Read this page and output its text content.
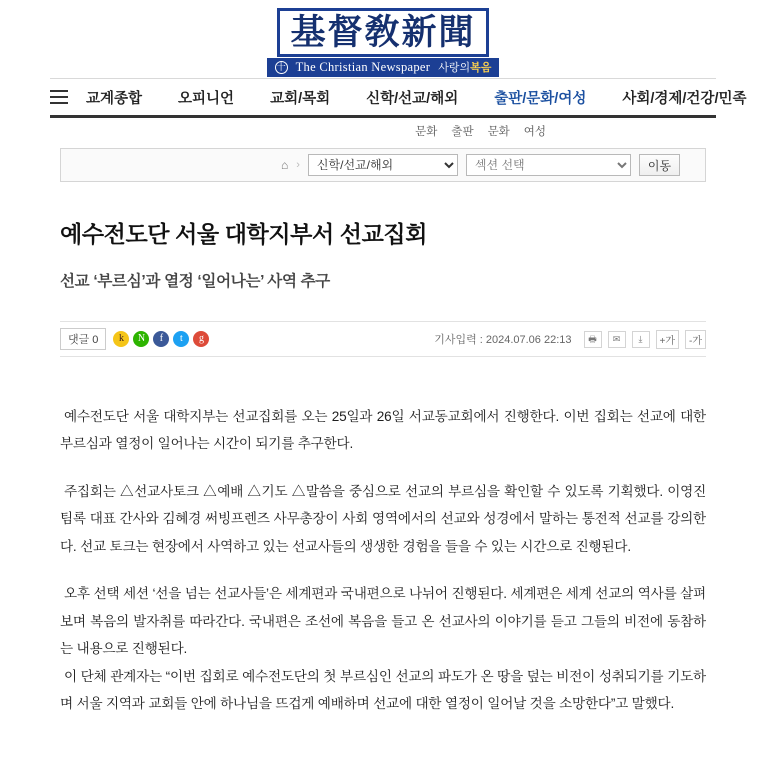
基督敎新聞
十 The Christian Newspaper 사랑의복음
교계종합	오피니언	교회/목회	신학/선교/해외	출판/문화/여성	사회/경제/건강/민족
문화 출판 문화 여성
⌂ ›
신학/선교/해외
섹션 선택	이동
예수전도단 서울 대학지부서 선교집회
선교 ‘부르심’과 열정 ‘일어나는’ 사역 추구
댓글 0	k	N	f	t	g	기사입력 : 2024.07.06 22:13	🖶	✉	⤓	+가	-가

예수전도단 서울 대학지부는 선교집회를 오는 25일과 26일 서교동교회에서 진행한다. 이번 집회는 선교에 대한 부르심과 열정이 일어나는 시간이 되기를 추구한다.

주집회는 △선교사토크 △예배 △기도 △말씀을 중심으로 선교의 부르심을 확인할 수 있도록 기획했다. 이영진 팀록 대표 간사와 김혜경 써빙프렌즈 사무총장이 사회 영역에서의 선교와 성경에서 말하는 통전적 선교를 강의한다. 선교 토크는 현장에서 사역하고 있는 선교사들의 생생한 경험을 들을 수 있는 시간으로 진행된다.

오후 선택 세션 ‘선을 넘는 선교사들’은 세계편과 국내편으로 나뉘어 진행된다. 세계편은 세계 선교의 역사를 살펴보며 복음의 발자취를 따라간다. 국내편은 조선에 복음을 들고 온 선교사의 이야기를 듣고 그들의 비전에 동참하는 내용으로 진행된다.

이 단체 관계자는 “이번 집회로 예수전도단의 첫 부르심인 선교의 파도가 온 땅을 덮는 비전이 성취되기를 기도하며 서울 지역과 교회들 안에 하나님을 뜨겁게 예배하며 선교에 대한 열정이 일어날 것을 소망한다”고 말했다.
